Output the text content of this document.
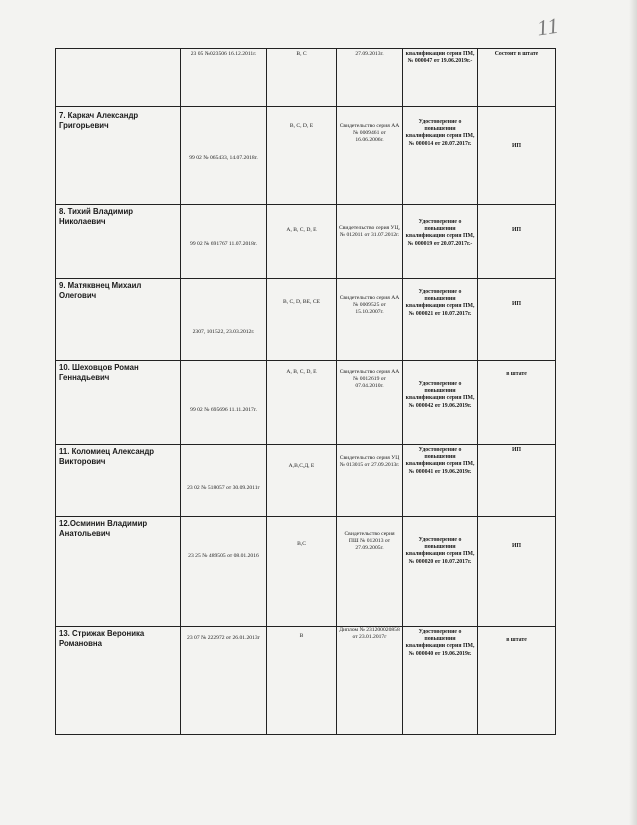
11
	23 05 №023506 16.12.2011г.	В, С	27.09.2013г.	квалификации серия ПМ, № 000047 от 19.06.2019г.-	Состоит в штате
7. Каркач Александр Григорьевич	99 02 № 065433, 14.07.2018г.	В, С, D, Е	Свидетельство серия АА № 0009461 от 16.06.2006г.	Удостоверение о повышении квалификации серия ПМ, № 000014 от 20.07.2017г.	ИП
8. Тихий Владимир Николаевич	99 02 № 691767 11.07.2018г.	А, В, С, D, Е	Свидетельство серия УЦ, № 012011 от 31.07.2012г.	Удостоверение о повышении квалификации серия ПМ, № 000019 от 20.07.2017г.-	ИП
9. Матяквнец Михаил Олегович	2307, 101522, 23.03.2012г.	В, С, D, ВЕ, СЕ	Свидетельство серия АА № 0009525 от 15.10.2007г.	Удостоверение о повышении квалификации серия ПМ, № 000021 от 10.07.2017г.	ИП
10. Шеховцов Роман Геннадьевич	99 02 № 695696 11.11.2017г.	А, В, С, D, Е	Свидетельство серия АА № 0012619 от 07.04.2010г.	Удостоверение о повышении квалификации серия ПМ, № 000042 от 19.06.2019г.	в штате
11. Коломиец Александр Викторович	23 02 № 518057 от 30.09.2011г	А,В,С,Д, Е	Свидетельство серия УЦ № 013015 от 27.09.2013г.	Удостоверение о повышении квалификации серия ПМ, № 000041 от 19.06.2019г.	ИП
12.Осминин Владимир Анатольевич	23 25 № 489505 от 08.01.2016	В,С	Свидетельство серия ПШ № 012013 от 27.09.2005г.	Удостоверение о повышении квалификации серия ПМ, № 000020 от 10.07.2017г.	ИП
13. Стрижак Вероника Романовна	23 07 № 222972 от 26.01.2013г	В	Диплом № 231200020858 от 23.01.2017г	Удостоверение о повышении квалификации серия ПМ, № 000040 от 19.06.2019г.	в штате
